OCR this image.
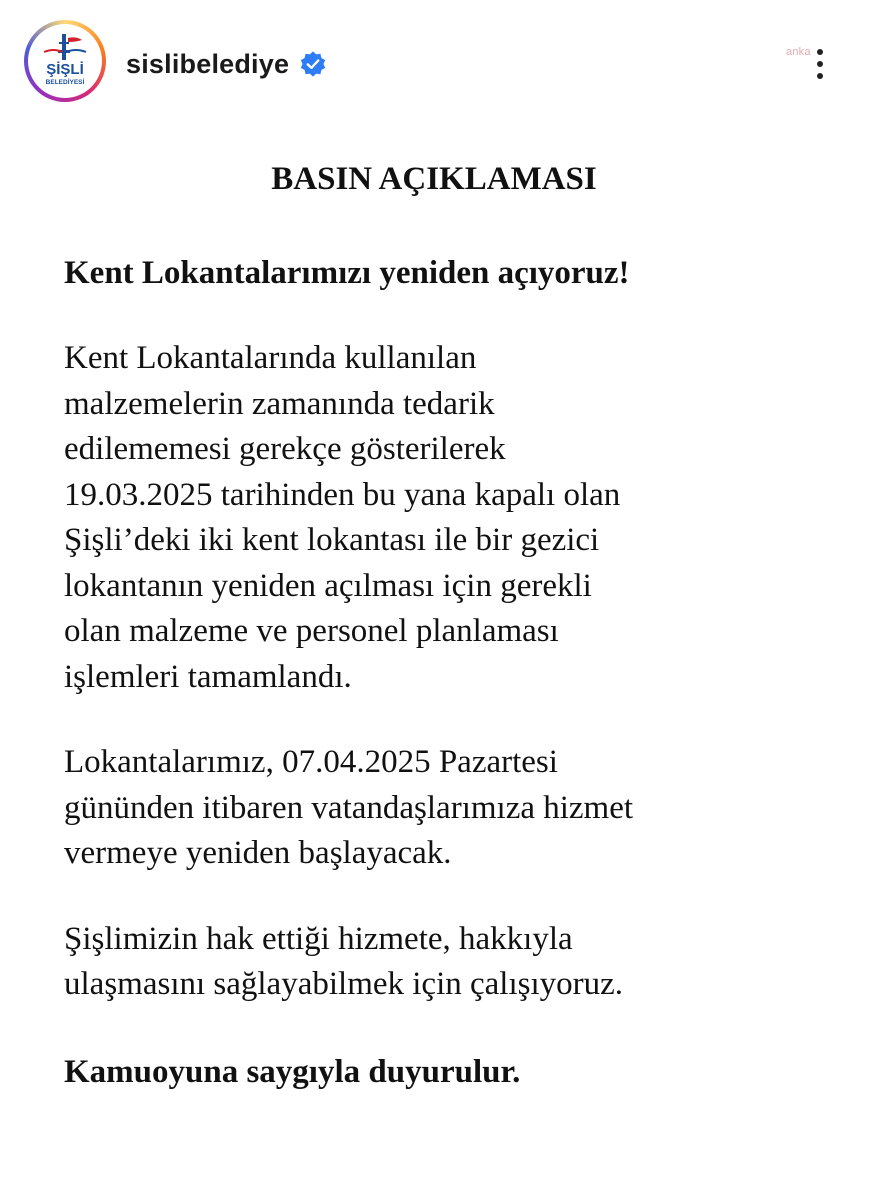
ŞİŞLİ
BELEDİYESİ
sislibelediye	anka
BASIN AÇIKLAMASI

Kent Lokantalarımızı yeniden açıyoruz!

Kent Lokantalarında kullanılan
malzemelerin zamanında tedarik
edilememesi gerekçe gösterilerek
19.03.2025 tarihinden bu yana kapalı olan
Şişli’deki iki kent lokantası ile bir gezici
lokantanın yeniden açılması için gerekli
olan malzeme ve personel planlaması
işlemleri tamamlandı.

Lokantalarımız, 07.04.2025 Pazartesi
gününden itibaren vatandaşlarımıza hizmet
vermeye yeniden başlayacak.

Şişlimizin hak ettiği hizmete, hakkıyla
ulaşmasını sağlayabilmek için çalışıyoruz.

Kamuoyuna saygıyla duyurulur.
